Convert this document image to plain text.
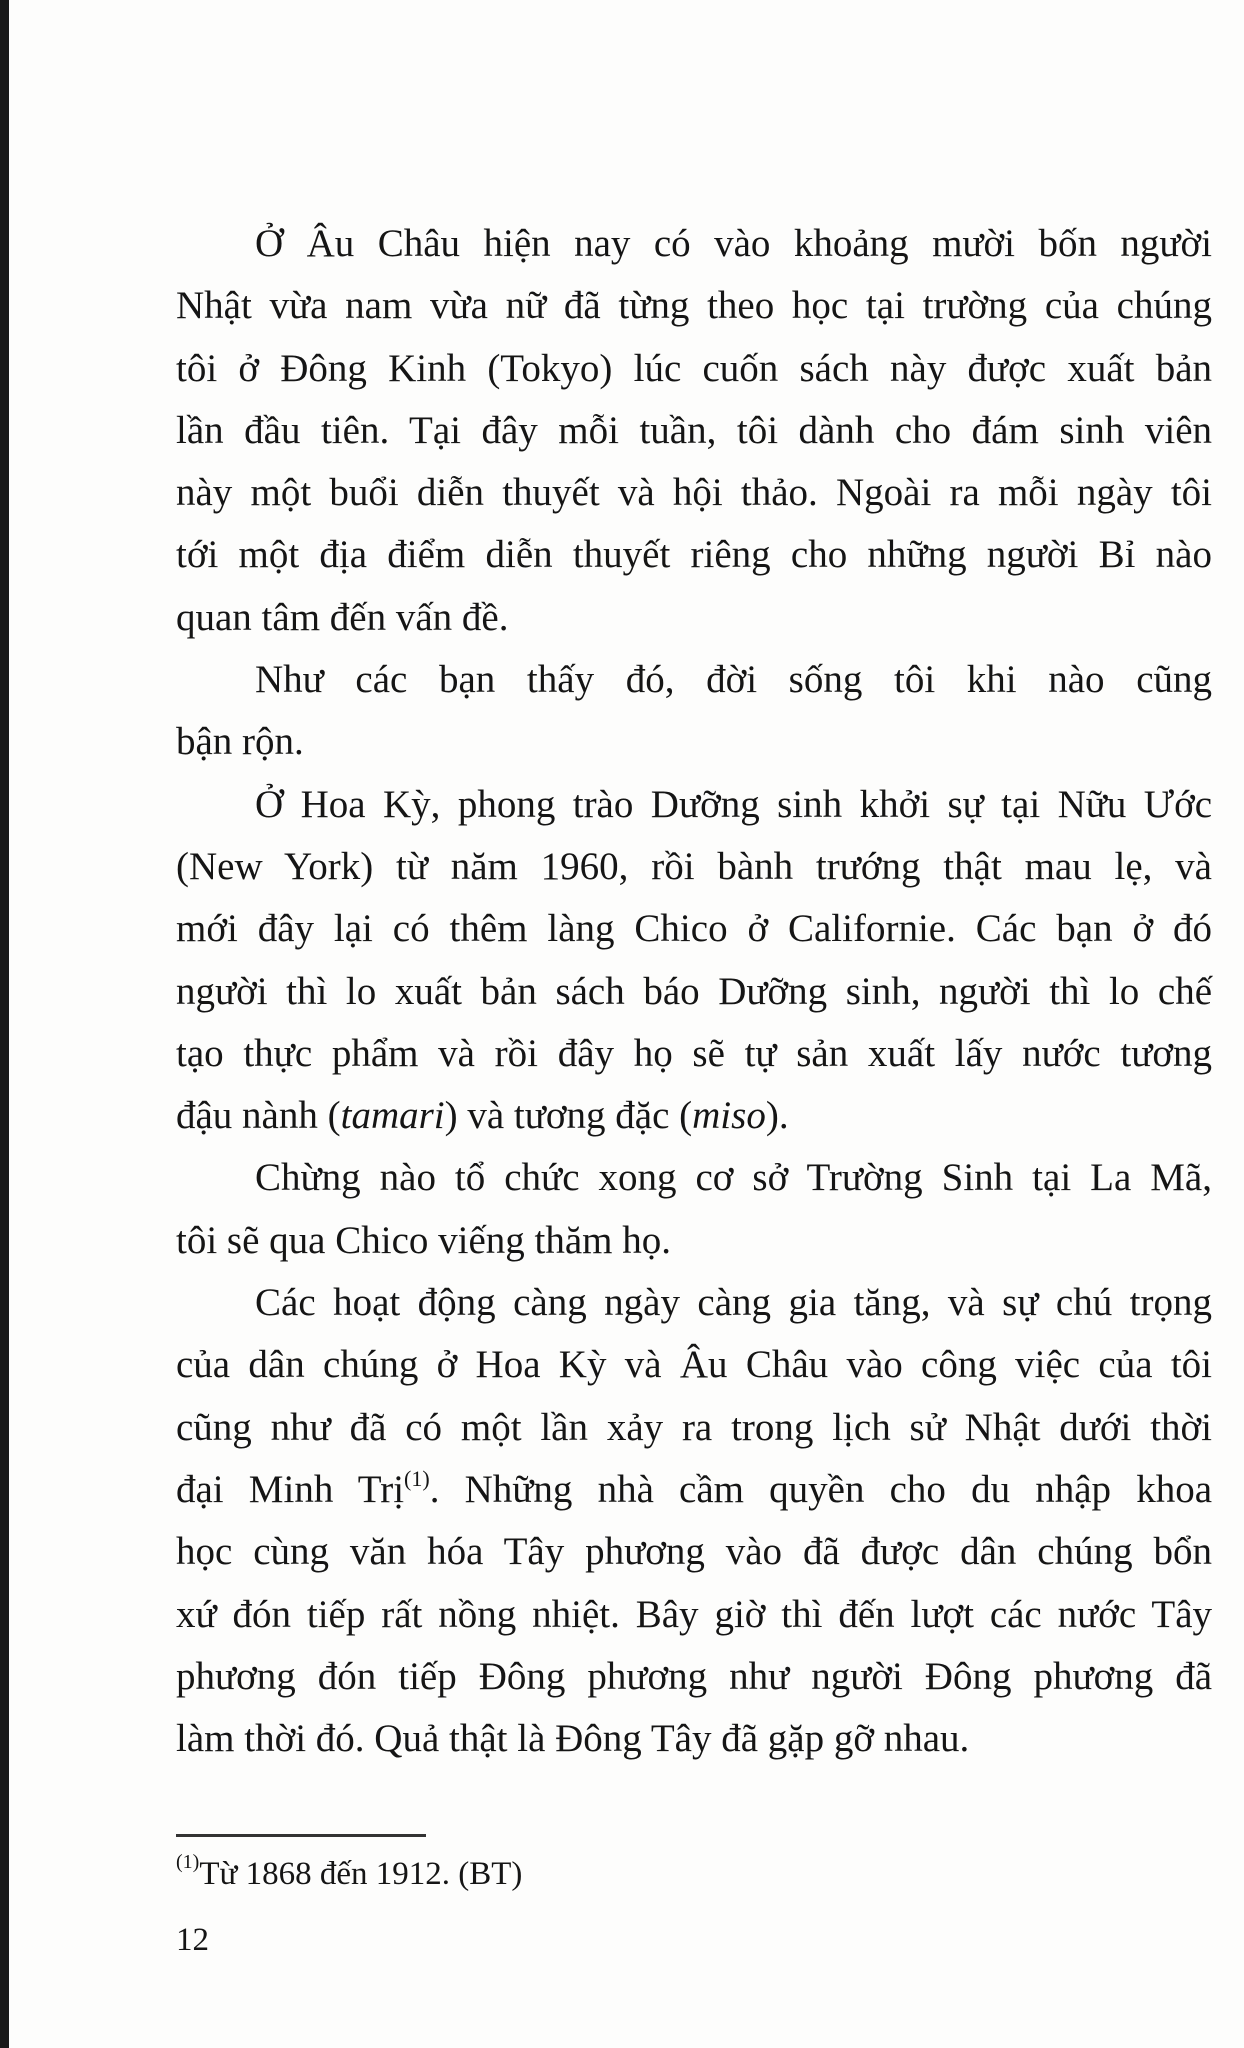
Ở Âu Châu hiện nay có vào khoảng mười bốn người
Nhật vừa nam vừa nữ đã từng theo học tại trường của chúng
tôi ở Đông Kinh (Tokyo) lúc cuốn sách này được xuất bản
lần đầu tiên. Tại đây mỗi tuần, tôi dành cho đám sinh viên
này một buổi diễn thuyết và hội thảo. Ngoài ra mỗi ngày tôi
tới một địa điểm diễn thuyết riêng cho những người Bỉ nào
quan tâm đến vấn đề.
Như các bạn thấy đó, đời sống tôi khi nào cũng
bận rộn.
Ở Hoa Kỳ, phong trào Dưỡng sinh khởi sự tại Nữu Ước
(New York) từ năm 1960, rồi bành trướng thật mau lẹ, và
mới đây lại có thêm làng Chico ở Californie. Các bạn ở đó
người thì lo xuất bản sách báo Dưỡng sinh, người thì lo chế
tạo thực phẩm và rồi đây họ sẽ tự sản xuất lấy nước tương
đậu nành (tamari) và tương đặc (miso).
Chừng nào tổ chức xong cơ sở Trường Sinh tại La Mã,
tôi sẽ qua Chico viếng thăm họ.
Các hoạt động càng ngày càng gia tăng, và sự chú trọng
của dân chúng ở Hoa Kỳ và Âu Châu vào công việc của tôi
cũng như đã có một lần xảy ra trong lịch sử Nhật dưới thời
đại Minh Trị$^{(1)}$. Những nhà cầm quyền cho du nhập khoa
học cùng văn hóa Tây phương vào đã được dân chúng bổn
xứ đón tiếp rất nồng nhiệt. Bây giờ thì đến lượt các nước Tây
phương đón tiếp Đông phương như người Đông phương đã
làm thời đó. Quả thật là Đông Tây đã gặp gỡ nhau.
$^{(1)}$Từ 1868 đến 1912. (BT)
12
